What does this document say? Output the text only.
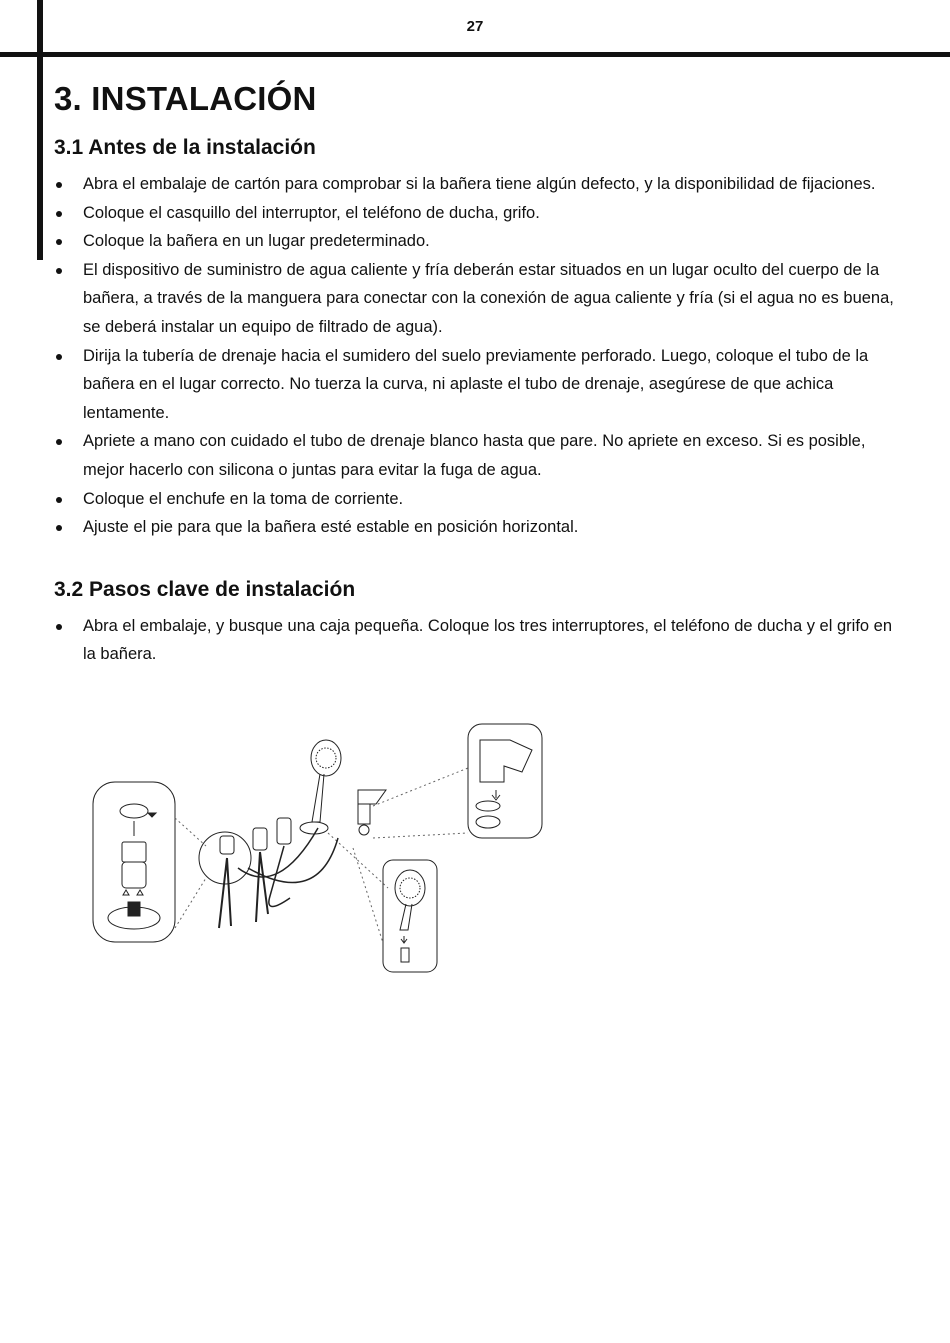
27
3. INSTALACIÓN
3.1 Antes de la instalación
Abra el embalaje de cartón para comprobar si la bañera tiene algún defecto, y la disponibilidad de fijaciones.
Coloque el casquillo del interruptor, el teléfono de ducha, grifo.
Coloque la bañera en un lugar predeterminado.
El dispositivo de suministro de agua caliente y fría deberán estar situados en un lugar oculto del cuerpo de la bañera, a través de la manguera para conectar con la conexión de agua caliente y fría (si el agua no es buena, se deberá instalar un equipo de filtrado de agua).
Dirija la tubería de drenaje hacia el sumidero del suelo previamente perforado. Luego, coloque el tubo de la bañera en el lugar correcto. No tuerza la curva, ni aplaste el tubo de drenaje, asegúrese de que achica lentamente.
Apriete a mano con cuidado el tubo de drenaje blanco hasta que pare. No apriete en exceso. Si es posible, mejor hacerlo con silicona o juntas para evitar la fuga de agua.
Coloque el enchufe en la toma de corriente.
Ajuste el pie para que la bañera esté estable en posición horizontal.
3.2 Pasos clave de instalación
Abra el embalaje, y busque una caja pequeña. Coloque los tres interruptores, el teléfono de ducha y el grifo en la bañera.
